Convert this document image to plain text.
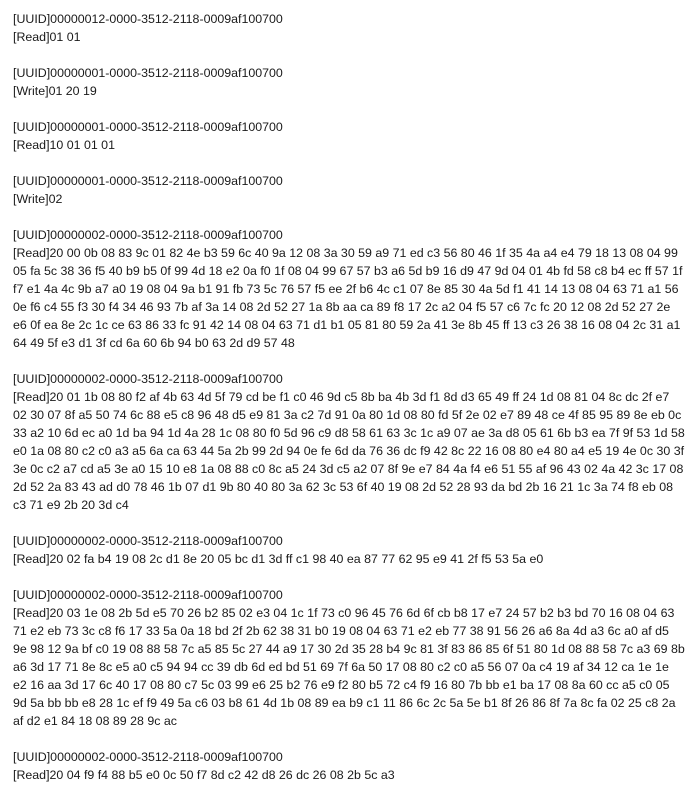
[UUID]00000012-0000-3512-2118-0009af100700
[Read]01 01
[UUID]00000001-0000-3512-2118-0009af100700
[Write]01 20 19
[UUID]00000001-0000-3512-2118-0009af100700
[Read]10 01 01 01
[UUID]00000001-0000-3512-2118-0009af100700
[Write]02
[UUID]00000002-0000-3512-2118-0009af100700
[Read]20 00 0b 08 83 9c 01 82 4e b3 59 6c 40 9a 12 08 3a 30 59 a9 71 ed c3 56 80 46 1f 35 4a a4 e4 79 18 13 08 04 99 05 fa 5c 38 36 f5 40 b9 b5 0f 99 4d 18 e2 0a f0 1f 08 04 99 67 57 b3 a6 5d b9 16 d9 47 9d 04 01 4b fd 58 c8 b4 ec ff 57 1f f7 e1 4a 4c 9b a7 a0 19 08 04 9a b1 91 fb 73 5c 76 57 f5 ee 2f b6 4c c1 07 8e 85 30 4a 5d f1 41 14 13 08 04 63 71 a1 56 0e f6 c4 55 f3 30 f4 34 46 93 7b af 3a 14 08 2d 52 27 1a 8b aa ca 89 f8 17 2c a2 04 f5 57 c6 7c fc 20 12 08 2d 52 27 2e e6 0f ea 8e 2c 1c ce 63 86 33 fc 91 42 14 08 04 63 71 d1 b1 05 81 80 59 2a 41 3e 8b 45 ff 13 c3 26 38 16 08 04 2c 31 a1 64 49 5f e3 d1 3f cd 6a 60 6b 94 b0 63 2d d9 57 48
[UUID]00000002-0000-3512-2118-0009af100700
[Read]20 01 1b 08 80 f2 af 4b 63 4d 5f 79 cd be f1 c0 46 9d c5 8b ba 4b 3d f1 8d d3 65 49 ff 24 1d 08 81 04 8c dc 2f e7 02 30 07 8f a5 50 74 6c 88 e5 c8 96 48 d5 e9 81 3a c2 7d 91 0a 80 1d 08 80 fd 5f 2e 02 e7 89 48 ce 4f 85 95 89 8e eb 0c 33 a2 10 6d ec a0 1d ba 94 1d 4a 28 1c 08 80 f0 5d 96 c9 d8 58 61 63 3c 1c a9 07 ae 3a d8 05 61 6b b3 ea 7f 9f 53 1d 58 e0 1a 08 80 c2 c0 a3 a5 6a ca 63 44 5a 2b 99 2d 94 0e fe 6d da 76 36 dc f9 42 8c 22 16 08 80 e4 80 a4 e5 19 4e 0c 30 3f 3e 0c c2 a7 cd a5 3e a0 15 10 e8 1a 08 88 c0 8c a5 24 3d c5 a2 07 8f 9e e7 84 4a f4 e6 51 55 af 96 43 02 4a 42 3c 17 08 2d 52 2a 83 43 ad d0 78 46 1b 07 d1 9b 80 40 80 3a 62 3c 53 6f 40 19 08 2d 52 28 93 da bd 2b 16 21 1c 3a 74 f8 eb 08 c3 71 e9 2b 20 3d c4
[UUID]00000002-0000-3512-2118-0009af100700
[Read]20 02 fa b4 19 08 2c d1 8e 20 05 bc d1 3d ff c1 98 40 ea 87 77 62 95 e9 41 2f f5 53 5a e0
[UUID]00000002-0000-3512-2118-0009af100700
[Read]20 03 1e 08 2b 5d e5 70 26 b2 85 02 e3 04 1c 1f 73 c0 96 45 76 6d 6f cb b8 17 e7 24 57 b2 b3 bd 70 16 08 04 63 71 e2 eb 73 3c c8 f6 17 33 5a 0a 18 bd 2f 2b 62 38 31 b0 19 08 04 63 71 e2 eb 77 38 91 56 26 a6 8a 4d a3 6c a0 af d5 9e 98 12 9a bf c0 19 08 88 58 7c a5 85 5c 27 44 a9 17 30 2d 35 28 b4 9c 81 3f 83 86 85 6f 51 80 1d 08 88 58 7c a3 69 8b a6 3d 17 71 8e 8c e5 a0 c5 94 94 cc 39 db 6d ed bd 51 69 7f 6a 50 17 08 80 c2 c0 a5 56 07 0a c4 19 af 34 12 ca 1e 1e e2 16 aa 3d 17 6c 40 17 08 80 c7 5c 03 99 e6 25 b2 76 e9 f2 80 b5 72 c4 f9 16 80 7b bb e1 ba 17 08 8a 60 cc a5 c0 05 9d 5a bb bb e8 28 1c ef f9 49 5a c6 03 b8 61 4d 1b 08 89 ea b9 c1 11 86 6c 2c 5a 5e b1 8f 26 86 8f 7a 8c fa 02 25 c8 2a af d2 e1 84 18 08 89 28 9c ac
[UUID]00000002-0000-3512-2118-0009af100700
[Read]20 04 f9 f4 88 b5 e0 0c 50 f7 8d c2 42 d8 26 dc 26 08 2b 5c a3
